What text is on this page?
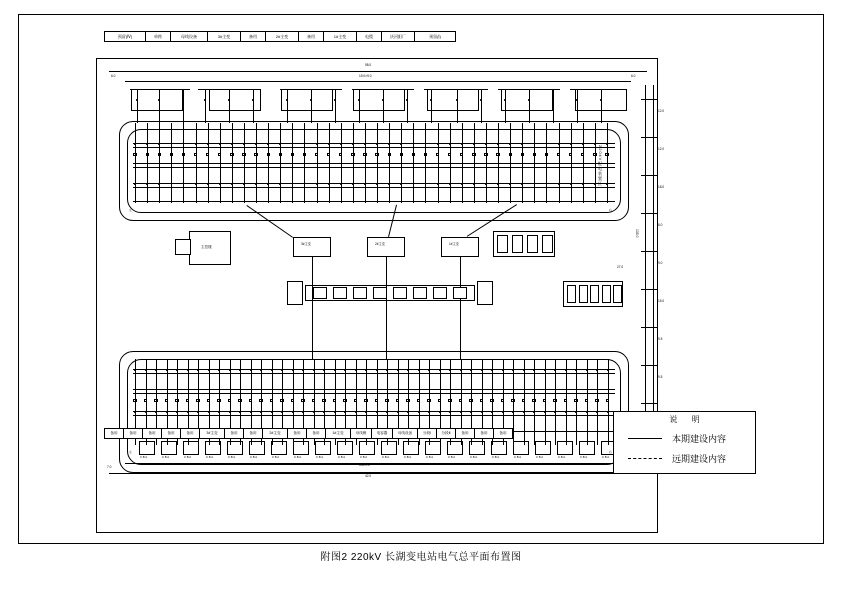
预留(Ⅳ)	单跨	母线设备	3#主变	备用	2#主变	备用	1#主变	电缆	庆河阳厂	预留(Ⅰ)
98.0
19.0×9.0
6.0	6.0
220kV配电装置区
主控楼
3#主变	2#主变	1#主变
145.0.0
42.0
7.0
C B A	C B A	C B A	C B A	C B A	C B A	C B A	C B A	C B A	C B A	C B A	C B A	C B A	C B A	C B A	C B A	C B A	C B A	C B A	C B A	C B A	C B A
12.0
12.0
18.0
8.0
9.0
15.0
9.5
9.5
135.0
27.0
左	右
左	右
备用	备用	备用	备用	备用	3#主变	备用	备用	2#主变	备用	备用	1#主变	母线侧	电容器	母线设备	分段Ⅰ	分段Ⅱ	备用	备用	备用
说 明
本期建设内容
远期建设内容
附图2 220kV 长湖变电站电气总平面布置图
